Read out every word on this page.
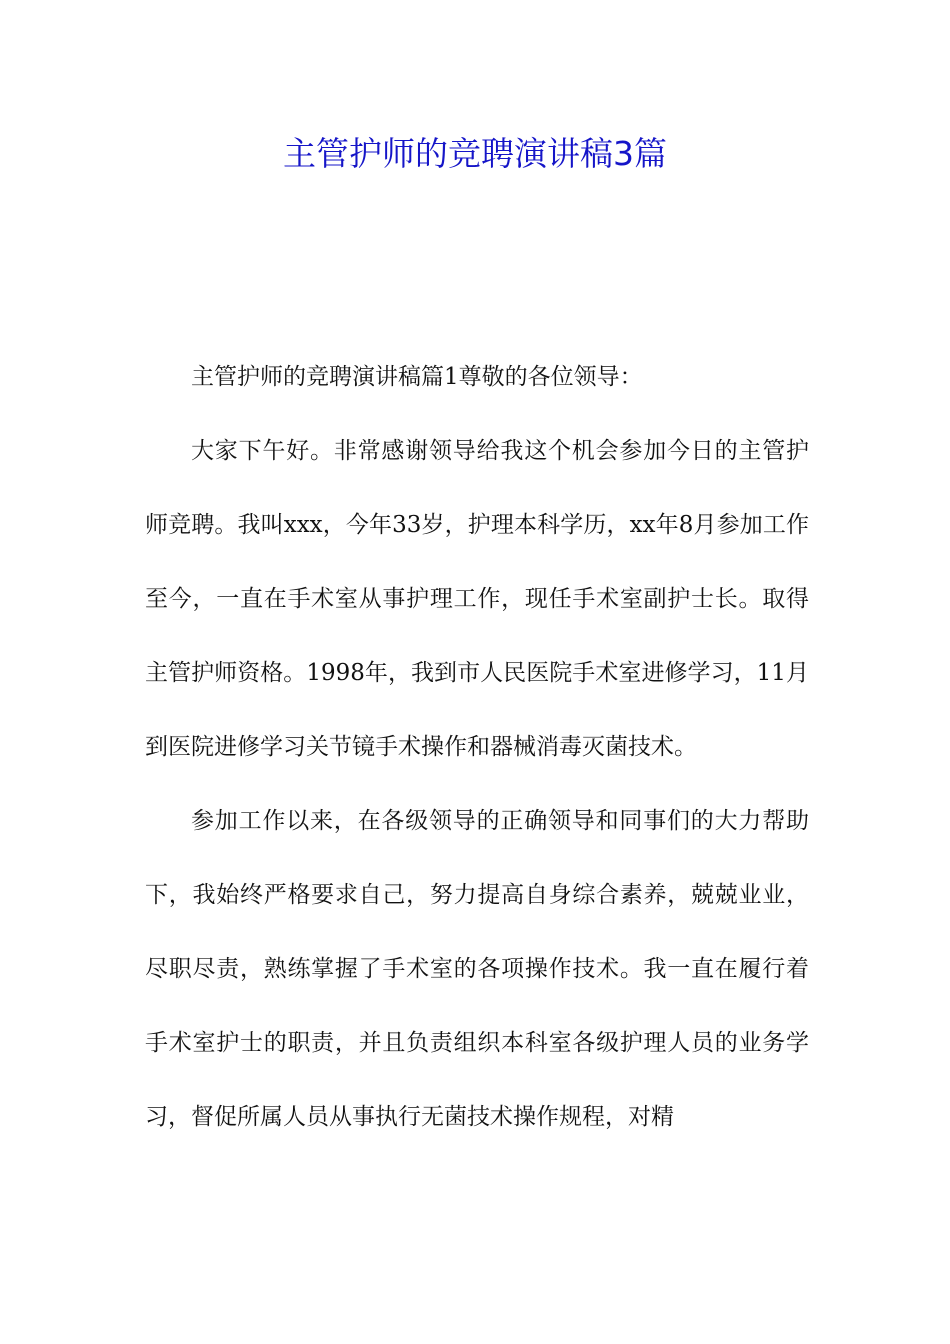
主管护师的竞聘演讲稿3篇

主管护师的竞聘演讲稿篇1尊敬的各位领导：

大家下午好。非常感谢领导给我这个机会参加今日的主管护师竞聘。我叫xxx，今年33岁，护理本科学历，xx年8月参加工作至今，一直在手术室从事护理工作，现任手术室副护士长。取得主管护师资格。1998年，我到市人民医院手术室进修学习，11月到医院进修学习关节镜手术操作和器械消毒灭菌技术。

参加工作以来，在各级领导的正确领导和同事们的大力帮助下，我始终严格要求自己，努力提高自身综合素养，兢兢业业，尽职尽责，熟练掌握了手术室的各项操作技术。我一直在履行着手术室护士的职责，并且负责组织本科室各级护理人员的业务学习，督促所属人员从事执行无菌技术操作规程，对精
